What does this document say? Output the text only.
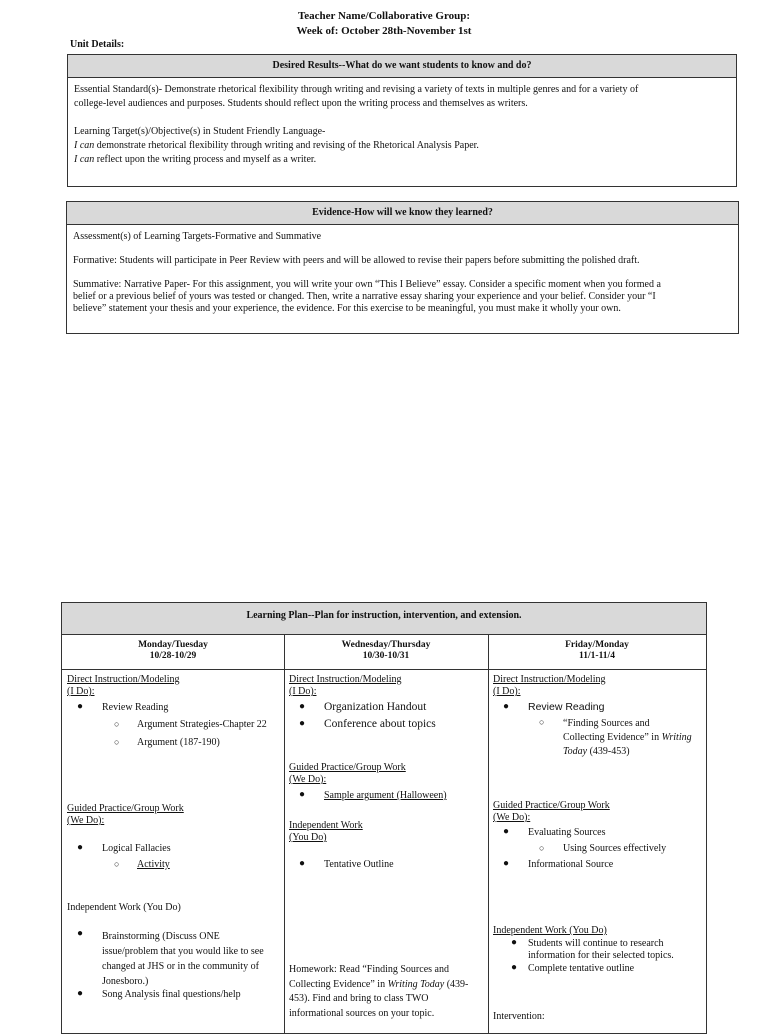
Teacher Name/Collaborative Group:
Week of: October 28th-November 1st
Unit Details:
Desired Results--What do we want students to know and do?

Essential Standard(s)- Demonstrate rhetorical flexibility through writing and revising a variety of texts in multiple genres and for a variety of

college-level audiences and purposes. Students should reflect upon the writing process and themselves as writers.

Learning Target(s)/Objective(s) in Student Friendly Language-

I can demonstrate rhetorical flexibility through writing and revising of the Rhetorical Analysis Paper.

I can reflect upon the writing process and myself as a writer.

Evidence-How will we know they learned?

Assessment(s) of Learning Targets-Formative and Summative

Formative: Students will participate in Peer Review with peers and will be allowed to revise their papers before submitting the polished draft.

Summative: Narrative Paper- For this assignment, you will write your own “This I Believe” essay. Consider a specific moment when you formed a

belief or a previous belief of yours was tested or changed. Then, write a narrative essay sharing your experience and your belief. Consider your “I

believe” statement your thesis and your experience, the evidence. For this exercise to be meaningful, you must make it wholly your own.

Learning Plan--Plan for instruction, intervention, and extension.
Monday/Tuesday
10/28-10/29
Wednesday/Thursday
10/30-10/31
Friday/Monday
11/1-11/4
Direct Instruction/Modeling
(I Do):
● Review Reading
○ Argument Strategies-Chapter 22
○ Argument (187-190)
Guided Practice/Group Work
(We Do):
● Logical Fallacies
○ Activity
Independent Work (You Do)
● Brainstorming (Discuss ONE
issue/problem that you would like to see
changed at JHS or in the community of
Jonesboro.)
● Song Analysis final questions/help
Direct Instruction/Modeling
(I Do):
● Organization Handout
● Conference about topics
Guided Practice/Group Work
(We Do):
● Sample argument (Halloween)
Independent Work
(You Do)
● Tentative Outline
Homework: Read “Finding Sources and
Collecting Evidence” in Writing Today (439-
453). Find and bring to class TWO
informational sources on your topic.
Direct Instruction/Modeling
(I Do):
● Review Reading
○ “Finding Sources and
Collecting Evidence” in Writing
Today (439-453)
Guided Practice/Group Work
(We Do):
● Evaluating Sources
○ Using Sources effectively
● Informational Source
Independent Work (You Do)
● Students will continue to research
information for their selected topics.
● Complete tentative outline
Intervention:
